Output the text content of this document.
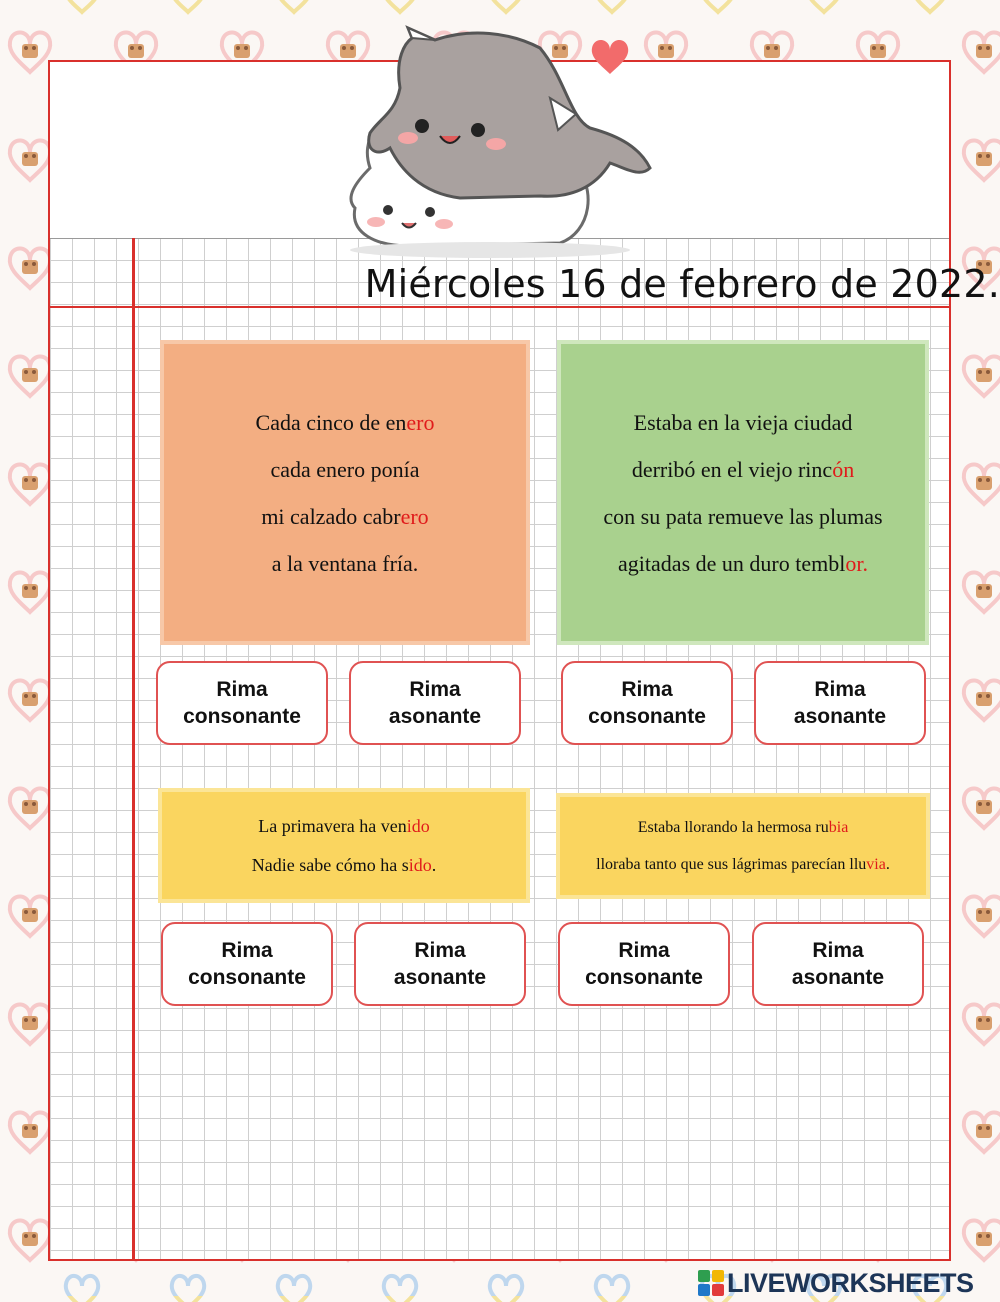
Miércoles 16 de febrero de 2022.
Cada cinco de enero
cada enero ponía
mi calzado cabrero
a la ventana fría.
Estaba en la vieja ciudad
derribó en el viejo rincón
con su pata remueve las plumas
agitadas de un duro temblor.
La primavera ha venido
Nadie sabe cómo ha sido.
Estaba llorando la hermosa rubia
lloraba tanto que sus lágrimas parecían lluvia.
Rima
consonante
Rima
asonante
Rima
consonante
Rima
asonante
Rima
consonante
Rima
asonante
Rima
consonante
Rima
asonante
LIVEWORKSHEETS
